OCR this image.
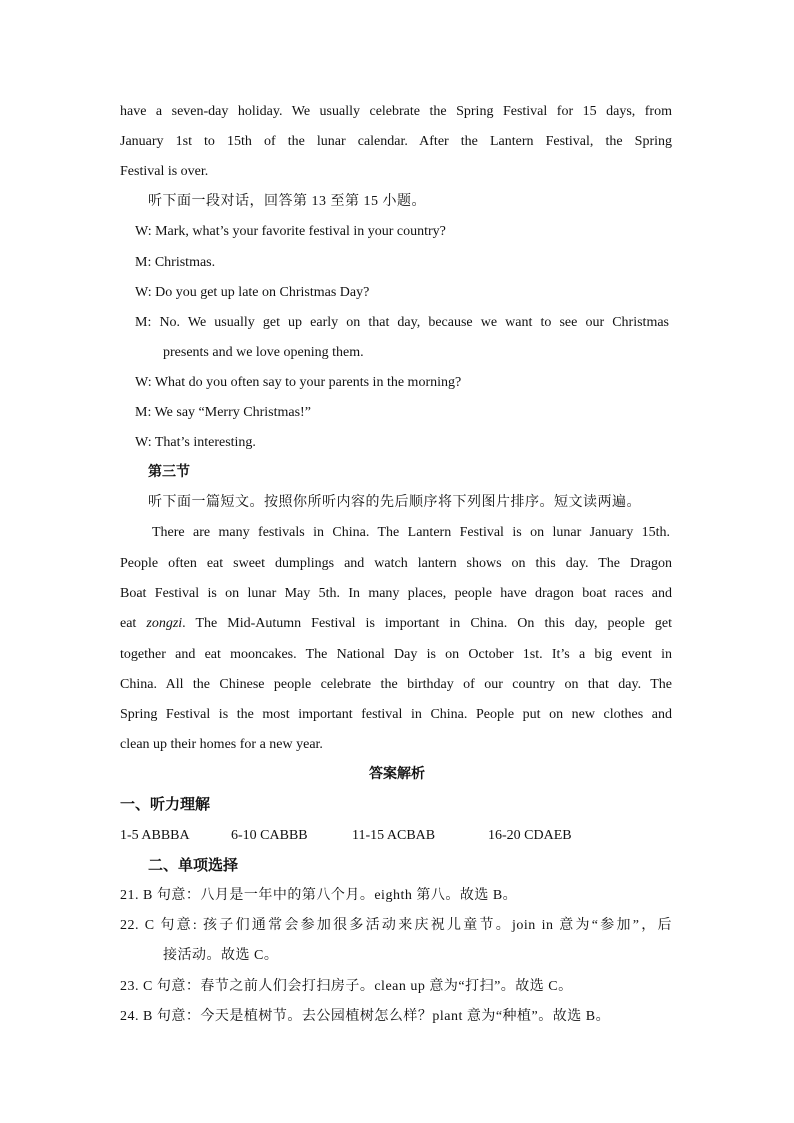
have a seven-day holiday. We usually celebrate the Spring Festival for 15 days, from
January 1st to 15th of the lunar calendar. After the Lantern Festival, the Spring
Festival is over.
听下面一段对话，回答第 13 至第 15 小题。
W: Mark, what’s your favorite festival in your country?
M: Christmas.
W: Do you get up late on Christmas Day?
M: No. We usually get up early on that day, because we want to see our Christmas
presents and we love opening them.
W: What do you often say to your parents in the morning?
M: We say “Merry Christmas!”
W: That’s interesting.
第三节
听下面一篇短文。按照你所听内容的先后顺序将下列图片排序。短文读两遍。
There are many festivals in China. The Lantern Festival is on lunar January 15th.
People often eat sweet dumplings and watch lantern shows on this day. The Dragon
Boat Festival is on lunar May 5th. In many places, people have dragon boat races and
eat zongzi. The Mid-Autumn Festival is important in China. On this day, people get
together and eat mooncakes. The National Day is on October 1st. It’s a big event in
China. All the Chinese people celebrate the birthday of our country on that day. The
Spring Festival is the most important festival in China. People put on new clothes and
clean up their homes for a new year.
答案解析
一、听力理解
1-5 ABBBA	6-10 CABBB	11-15 ACBAB	16-20 CDAEB
二、单项选择
21. B 句意：八月是一年中的第八个月。eighth 第八。故选 B。
22. C 句意: 孩子们通常会参加很多活动来庆祝儿童节。join in 意为“参加”，后
接活动。故选 C。
23. C 句意：春节之前人们会打扫房子。clean up 意为“打扫”。故选 C。
24. B 句意：今天是植树节。去公园植树怎么样？plant 意为“种植”。故选 B。
